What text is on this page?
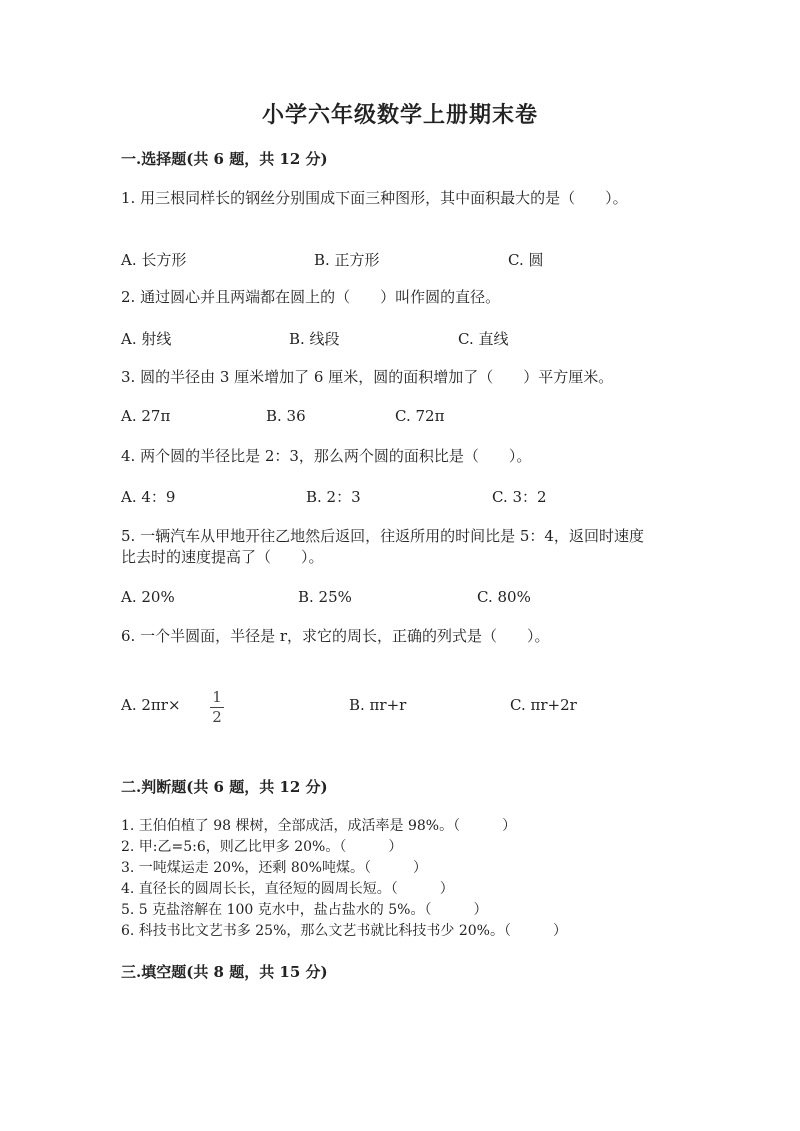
小学六年级数学上册期末卷
一.选择题(共 6 题，共 12 分)
1. 用三根同样长的钢丝分别围成下面三种图形，其中面积最大的是（　　）。
A. 长方形	B. 正方形	C. 圆
2. 通过圆心并且两端都在圆上的（　　）叫作圆的直径。
A. 射线	B. 线段	C. 直线
3. 圆的半径由 3 厘米增加了 6 厘米，圆的面积增加了（　　）平方厘米。
A. 27π	B. 36	C. 72π
4. 两个圆的半径比是 2：3，那么两个圆的面积比是（　　）。
A. 4：9	B. 2：3	C. 3：2
5. 一辆汽车从甲地开往乙地然后返回，往返所用的时间比是 5：4，返回时速度
比去时的速度提高了（　　）。
A. 20%	B. 25%	C. 80%
6. 一个半圆面，半径是 r，求它的周长，正确的列式是（　　）。
A. 2πr× 1
2
B. πr+r	C. πr+2r
二.判断题(共 6 题，共 12 分)
1. 王伯伯植了 98 棵树，全部成活，成活率是 98%。（　　　）
2. 甲:乙=5:6，则乙比甲多 20%。（　　　）
3. 一吨煤运走 20%，还剩 80%吨煤。（　　　）
4. 直径长的圆周长长，直径短的圆周长短。（　　　）
5. 5 克盐溶解在 100 克水中，盐占盐水的 5%。（　　　）
6. 科技书比文艺书多 25%，那么文艺书就比科技书少 20%。（　　　）
三.填空题(共 8 题，共 15 分)
